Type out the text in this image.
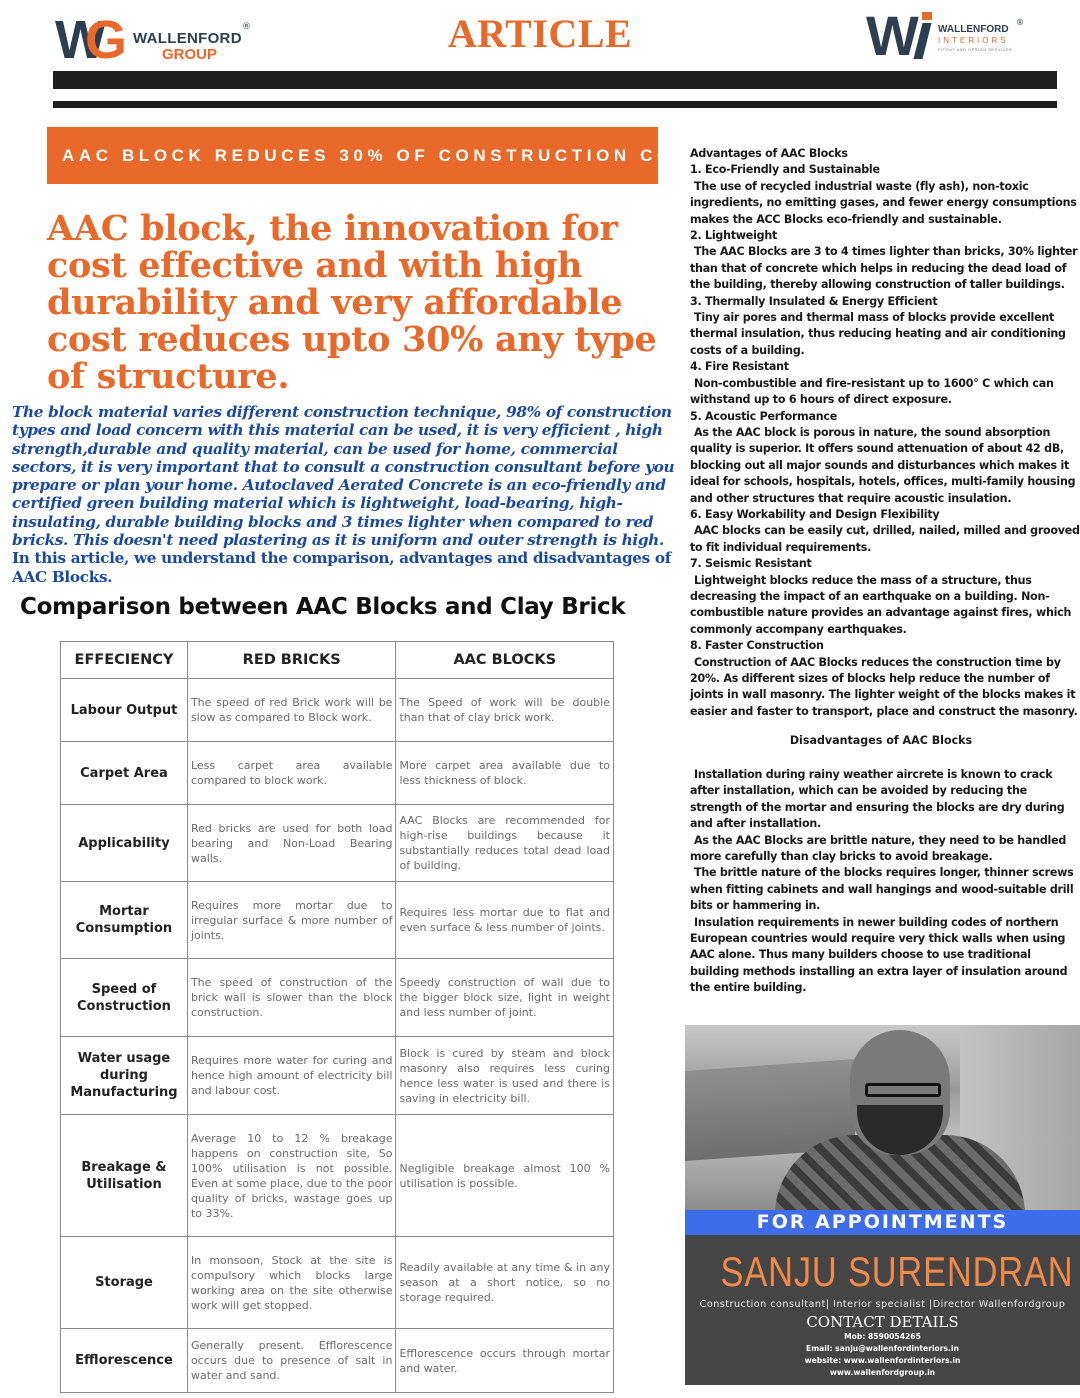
W
G WALLENFORD
GROUP
®	ARTICLE	W	WALLENFORD
INTERIORS
FITOUT AND DESIGN SERVICES
®
AAC BLOCK REDUCES 30% OF CONSTRUCTION COST
AAC block, the innovation for cost effective and with high durability and very affordable cost reduces upto 30% any type of structure.

The block material varies different construction technique, 98% of construction types and load concern with this material can be used, it is very efficient , high strength,durable and quality material, can be used for home, commercial sectors, it is very important that to consult a construction consultant before you prepare or plan your home. Autoclaved Aerated Concrete is an eco-friendly and certified green building material which is lightweight, load-bearing, high-insulating, durable building blocks and 3 times lighter when compared to red bricks. This doesn't need plastering as it is uniform and outer strength is high. In this article, we understand the comparison, advantages and disadvantages of AAC Blocks.

Comparison between AAC Blocks and Clay Brick
EFFECIENCY	RED BRICKS	AAC BLOCKS
Labour Output	The speed of red Brick work will be slow as compared to Block work.	The Speed of work will be double than that of clay brick work.
Carpet Area	Less carpet area available compared to block work.	More carpet area available due to less thickness of block.
Applicability	Red bricks are used for both load bearing and Non-Load Bearing walls.	AAC Blocks are recommended for high-rise buildings because it substantially reduces total dead load of building.
Mortar Consumption	Requires more mortar due to irregular surface & more number of joints.	Requires less mortar due to flat and even surface & less number of joints.
Speed of Construction	The speed of construction of the brick wall is slower than the block construction.	Speedy construction of wall due to the bigger block size, light in weight and less number of joint.
Water usage during Manufacturing	Requires more water for curing and hence high amount of electricity bill and labour cost.	Block is cured by steam and block masonry also requires less curing hence less water is used and there is saving in electricity bill.
Breakage & Utilisation	Average 10 to 12 % breakage happens on construction site, So 100% utilisation is not possible. Even at some place, due to the poor quality of bricks, wastage goes up to 33%.	Negligible breakage almost 100 % utilisation is possible.
Storage	In monsoon, Stock at the site is compulsory which blocks large working area on the site otherwise work will get stopped.	Readily available at any time & in any season at a short notice, so no storage required.
Efflorescence	Generally present. Efflorescence occurs due to presence of salt in water and sand.	Efflorescence occurs through mortar and water.
Advantages of AAC Blocks
1. Eco-Friendly and Sustainable
The use of recycled industrial waste (fly ash), non-toxic ingredients, no emitting gases, and fewer energy consumptions makes the ACC Blocks eco-friendly and sustainable.
2. Lightweight
The AAC Blocks are 3 to 4 times lighter than bricks, 30% lighter than that of concrete which helps in reducing the dead load of the building, thereby allowing construction of taller buildings.
3. Thermally Insulated & Energy Efficient
Tiny air pores and thermal mass of blocks provide excellent thermal insulation, thus reducing heating and air conditioning costs of a building.
4. Fire Resistant
Non-combustible and fire-resistant up to 1600° C which can withstand up to 6 hours of direct exposure.
5. Acoustic Performance
As the AAC block is porous in nature, the sound absorption quality is superior. It offers sound attenuation of about 42 dB, blocking out all major sounds and disturbances which makes it ideal for schools, hospitals, hotels, offices, multi-family housing and other structures that require acoustic insulation.
6. Easy Workability and Design Flexibility
AAC blocks can be easily cut, drilled, nailed, milled and grooved to fit individual requirements.
7. Seismic Resistant
Lightweight blocks reduce the mass of a structure, thus decreasing the impact of an earthquake on a building. Non-combustible nature provides an advantage against fires, which commonly accompany earthquakes.
8. Faster Construction
Construction of AAC Blocks reduces the construction time by 20%. As different sizes of blocks help reduce the number of joints in wall masonry. The lighter weight of the blocks makes it easier and faster to transport, place and construct the masonry.
Disadvantages of AAC Blocks
Installation during rainy weather aircrete is known to crack after installation, which can be avoided by reducing the strength of the mortar and ensuring the blocks are dry during and after installation.
As the AAC Blocks are brittle nature, they need to be handled more carefully than clay bricks to avoid breakage.
The brittle nature of the blocks requires longer, thinner screws when fitting cabinets and wall hangings and wood-suitable drill bits or hammering in.
Insulation requirements in newer building codes of northern European countries would require very thick walls when using AAC alone. Thus many builders choose to use traditional building methods installing an extra layer of insulation around the entire building.
FOR APPOINTMENTS
SANJU SURENDRAN
Construction consultant| Interior specialist |Director Wallenfordgroup
CONTACT DETAILS
Mob: 8590054265
Email: sanju@wallenfordinteriors.in
website: www.wallenfordinteriors.in
www.wallenfordgroup.in
